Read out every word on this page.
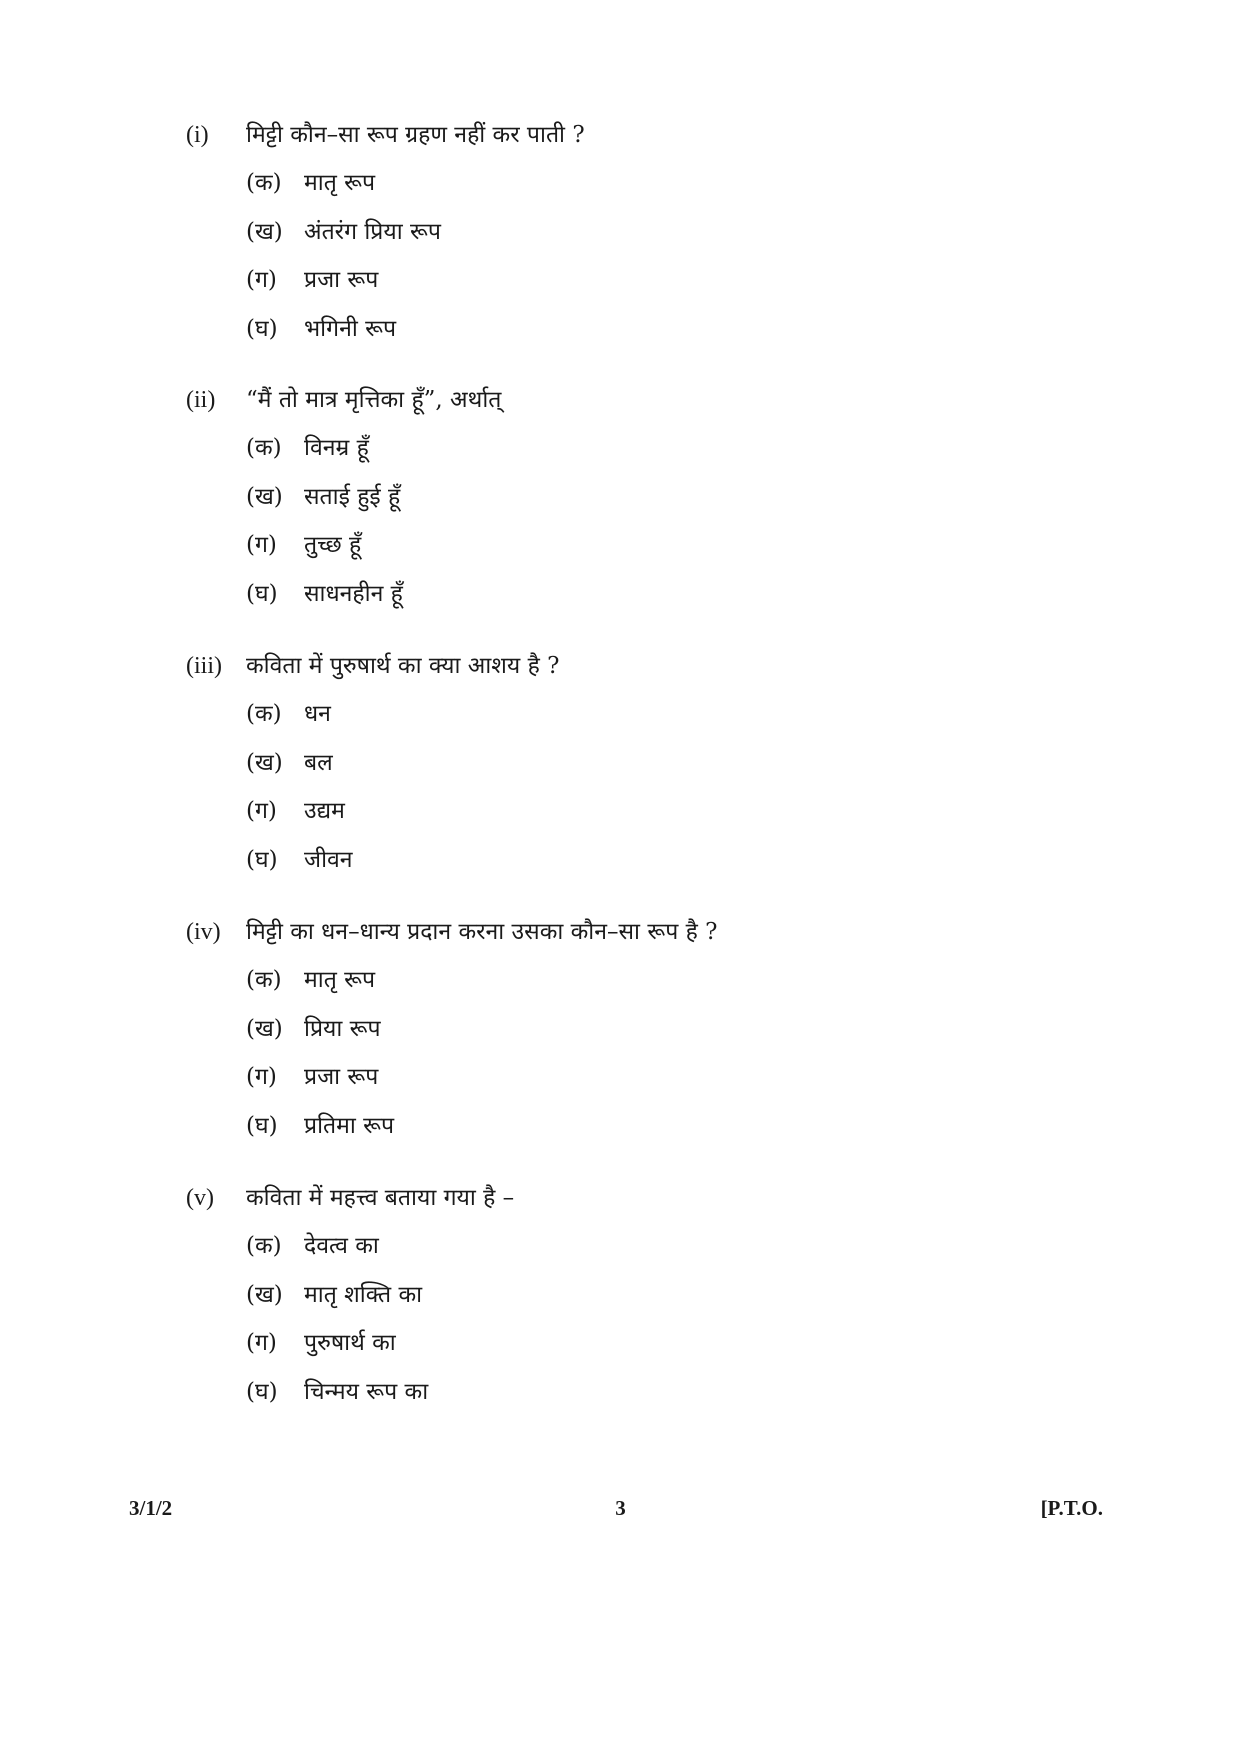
(i)	मिट्टी कौन–सा रूप ग्रहण नहीं कर पाती ?
(क) मातृ रूप
(ख) अंतरंग प्रिया रूप
(ग)	प्रजा रूप
(घ)	भगिनी रूप
(ii)	“मैं तो मात्र मृत्तिका हूँ”, अर्थात्
(क) विनम्र हूँ
(ख) सताई हुई हूँ
(ग)	तुच्छ हूँ
(घ)	साधनहीन हूँ
(iii)	कविता में पुरुषार्थ का क्या आशय है ?
(क) धन
(ख) बल
(ग)	उद्यम
(घ)	जीवन
(iv)	मिट्टी का धन–धान्य प्रदान करना उसका कौन–सा रूप है ?
(क) मातृ रूप
(ख) प्रिया रूप
(ग)	प्रजा रूप
(घ)	प्रतिमा रूप
(v)	कविता में महत्त्व बताया गया है –
(क) देवत्व का
(ख) मातृ शक्ति का
(ग)	पुरुषार्थ का
(घ)	चिन्मय रूप का
3/1/2	3	[P.T.O.
